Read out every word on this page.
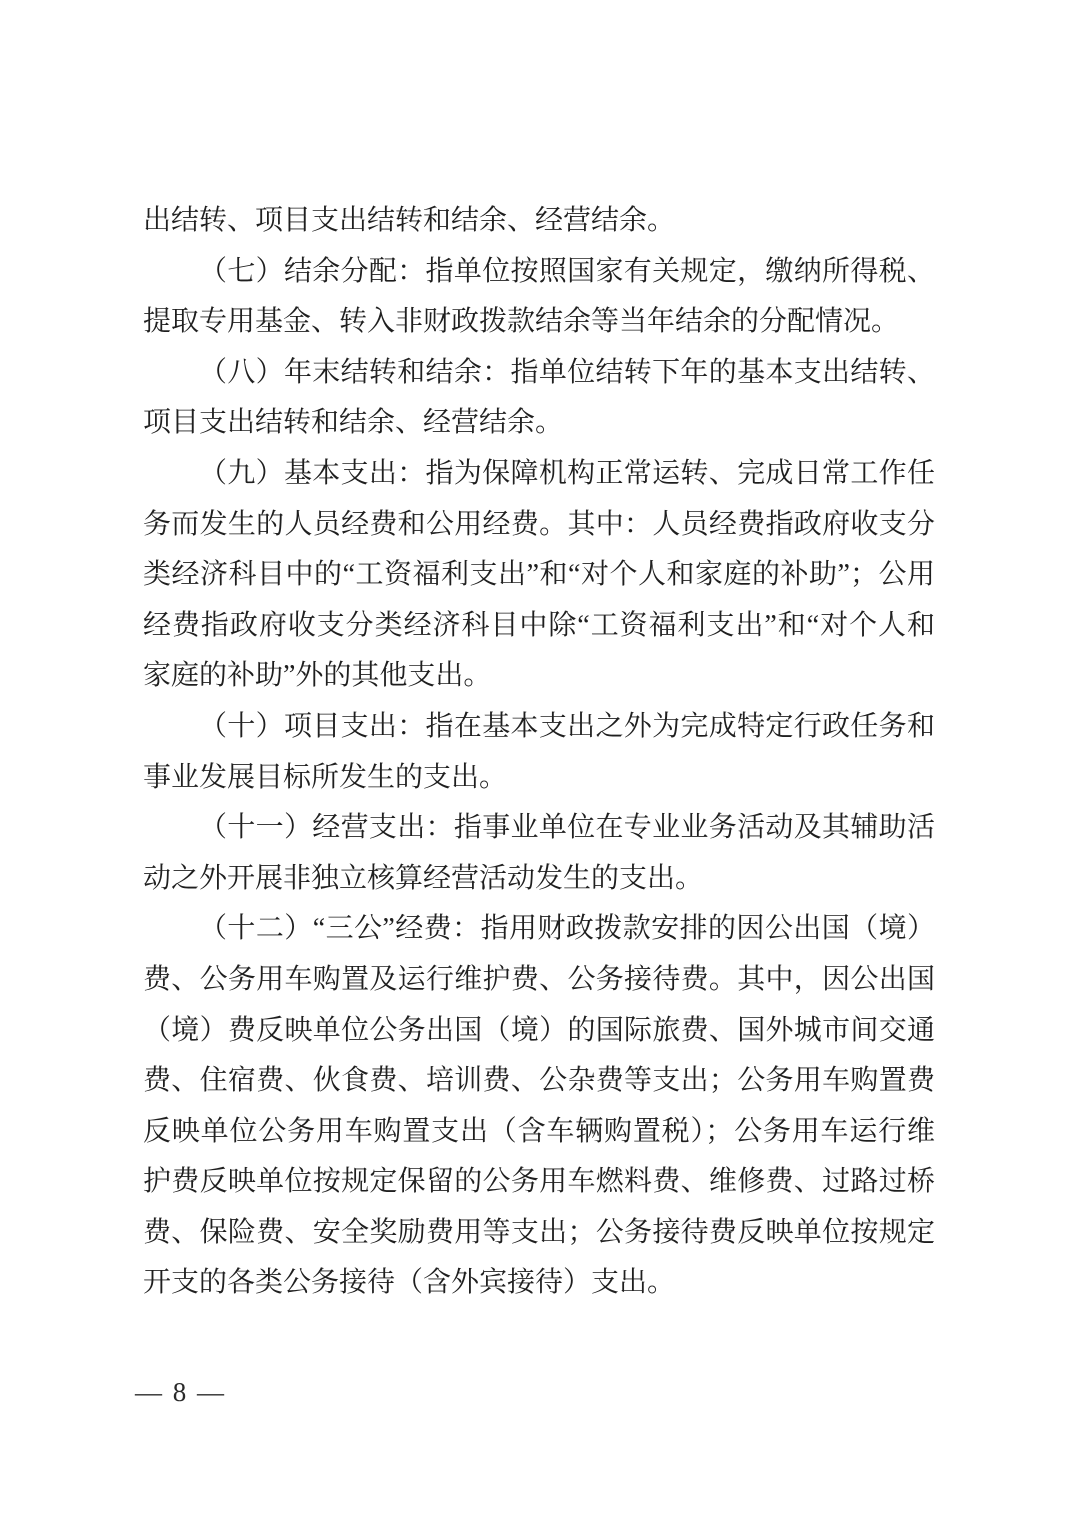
出结转、项目支出结转和结余、经营结余。
（七）结余分配：指单位按照国家有关规定，缴纳所得税、
提取专用基金、转入非财政拨款结余等当年结余的分配情况。
（八）年末结转和结余：指单位结转下年的基本支出结转、
项目支出结转和结余、经营结余。
（九）基本支出：指为保障机构正常运转、完成日常工作任
务而发生的人员经费和公用经费。其中：人员经费指政府收支分
类经济科目中的“工资福利支出”和“对个人和家庭的补助”；公用
经费指政府收支分类经济科目中除“工资福利支出”和“对个人和
家庭的补助”外的其他支出。
（十）项目支出：指在基本支出之外为完成特定行政任务和
事业发展目标所发生的支出。
（十一）经营支出：指事业单位在专业业务活动及其辅助活
动之外开展非独立核算经营活动发生的支出。
（十二）“三公”经费：指用财政拨款安排的因公出国（境）
费、公务用车购置及运行维护费、公务接待费。其中，因公出国
（境）费反映单位公务出国（境）的国际旅费、国外城市间交通
费、住宿费、伙食费、培训费、公杂费等支出；公务用车购置费
反映单位公务用车购置支出（含车辆购置税）；公务用车运行维
护费反映单位按规定保留的公务用车燃料费、维修费、过路过桥
费、保险费、安全奖励费用等支出；公务接待费反映单位按规定
开支的各类公务接待（含外宾接待）支出。
— 8 —
